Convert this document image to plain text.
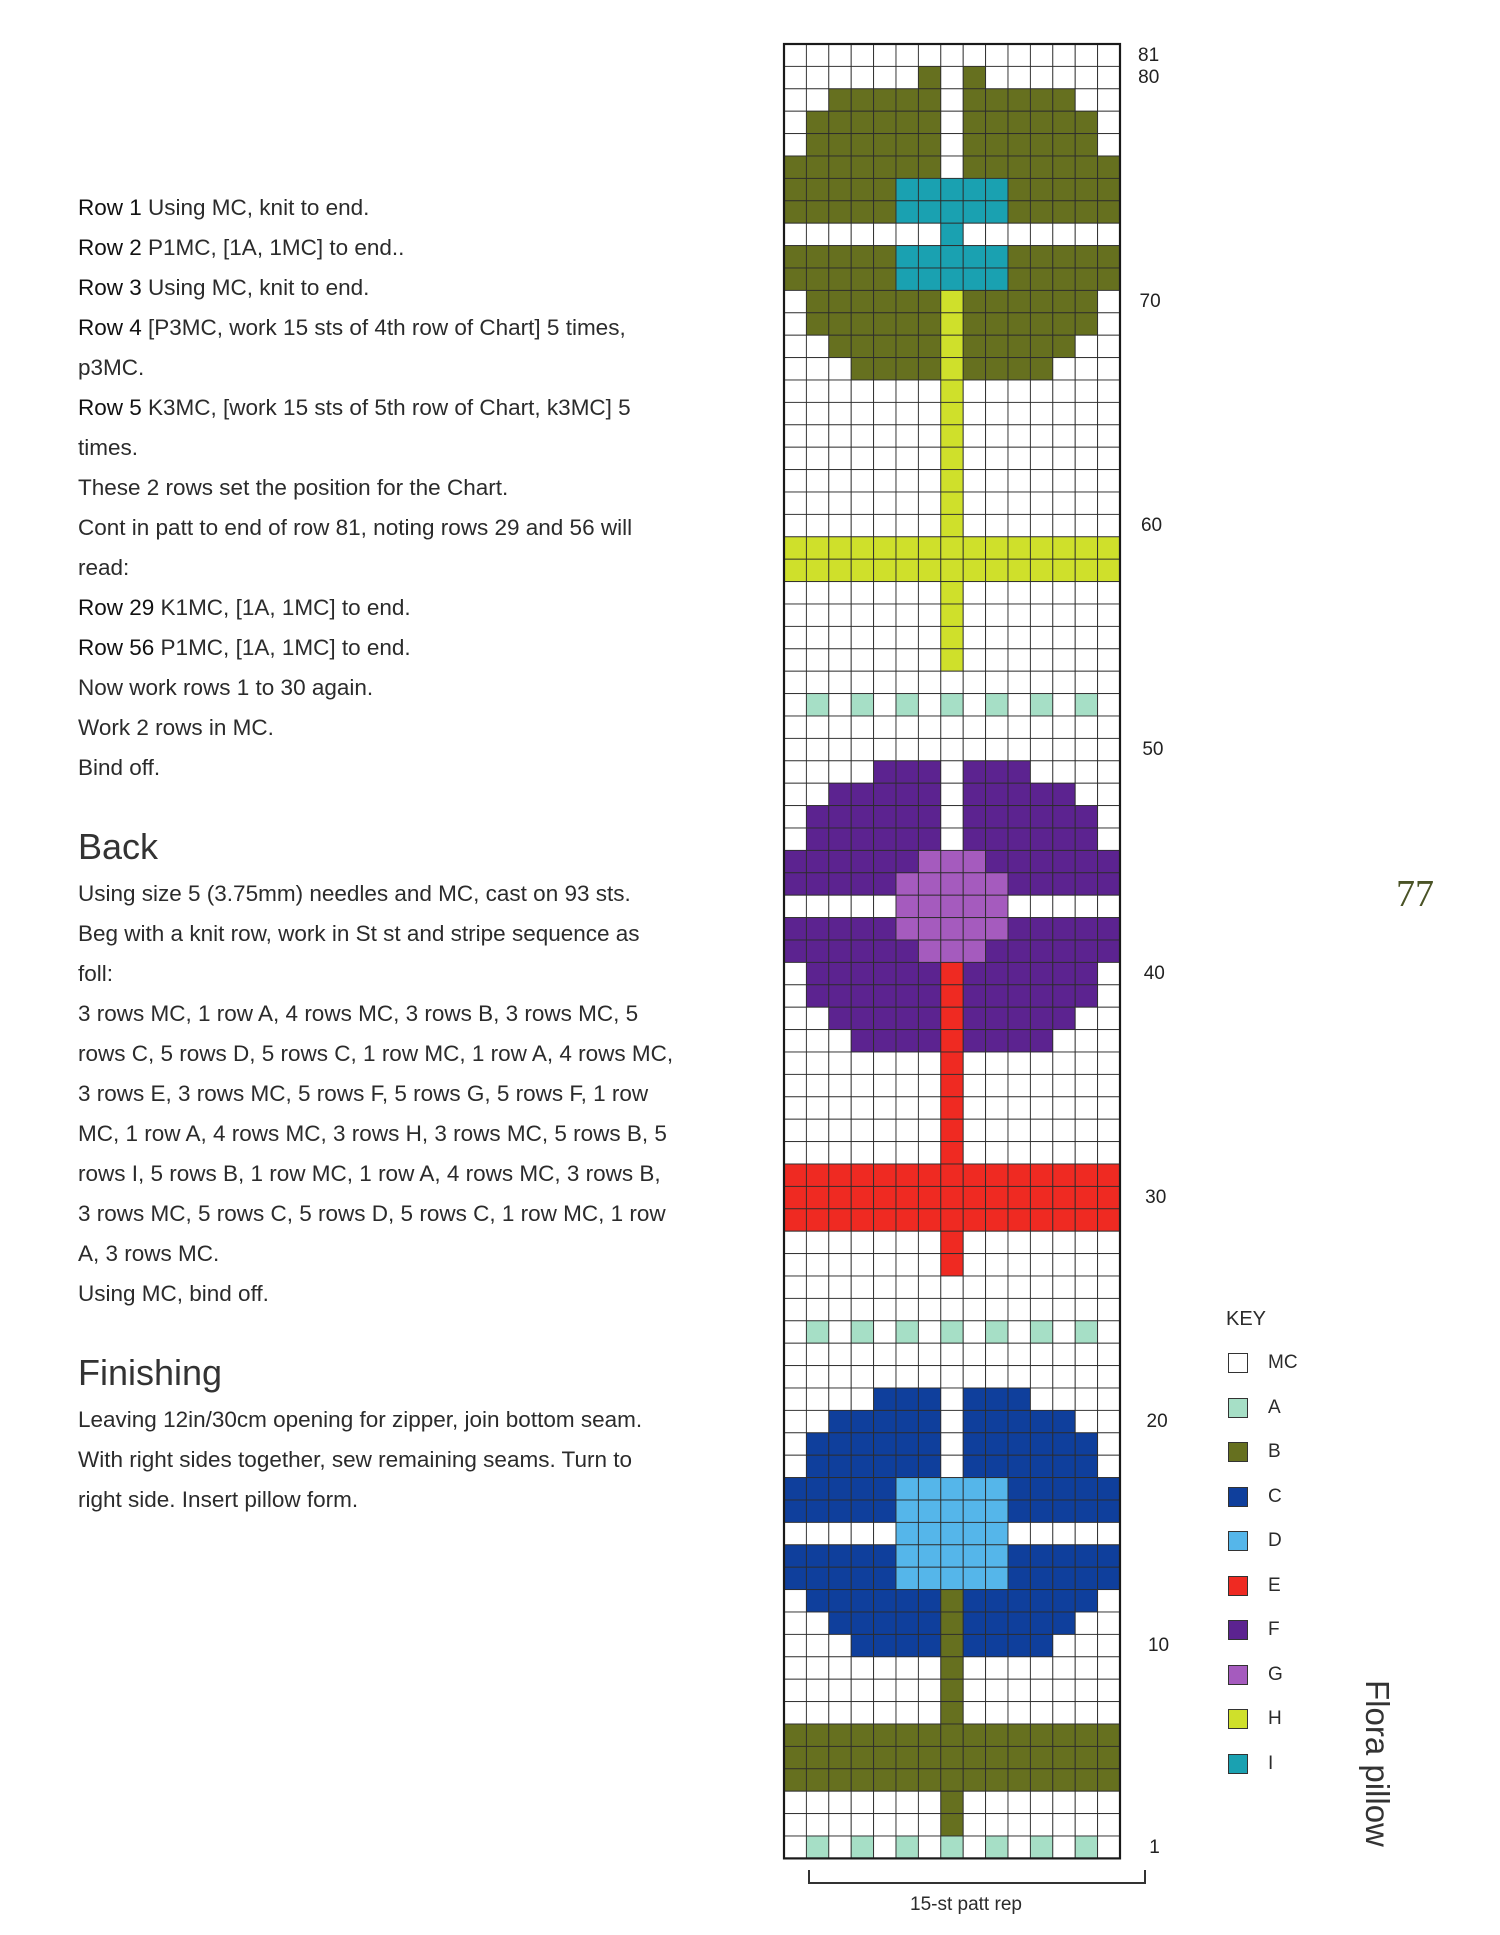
Row 1 Using MC, knit to end.

Row 2 P1MC, [1A, 1MC] to end..

Row 3 Using MC, knit to end.

Row 4 [P3MC, work 15 sts of 4th row of Chart] 5 times, p3MC.

Row 5 K3MC, [work 15 sts of 5th row of Chart, k3MC] 5 times.

These 2 rows set the position for the Chart.

Cont in patt to end of row 81, noting rows 29 and 56 will read:

Row 29 K1MC, [1A, 1MC] to end.

Row 56 P1MC, [1A, 1MC] to end.

Now work rows 1 to 30 again.

Work 2 rows in MC.

Bind off.

Back

Using size 5 (3.75mm) needles and MC, cast on 93 sts.

Beg with a knit row, work in St st and stripe sequence as foll:

3 rows MC, 1 row A, 4 rows MC, 3 rows B, 3 rows MC, 5 rows C, 5 rows D, 5 rows C, 1 row MC, 1 row A, 4 rows MC, 3 rows E, 3 rows MC, 5 rows F, 5 rows G, 5 rows F, 1 row MC, 1 row A, 4 rows MC, 3 rows H, 3 rows MC, 5 rows B, 5 rows I, 5 rows B, 1 row MC, 1 row A, 4 rows MC, 3 rows B, 3 rows MC, 5 rows C, 5 rows D, 5 rows C, 1 row MC, 1 row A, 3 rows MC.

Using MC, bind off.

Finishing

Leaving 12in/30cm opening for zipper, join bottom seam. With right sides together, sew remaining seams. Turn to right side. Insert pillow form.

81
80
70
60
50
40
30
20
10
1
15-st patt rep
KEY
MC
A
B
C
D
E
F
G
H
I
77
Flora pillow
